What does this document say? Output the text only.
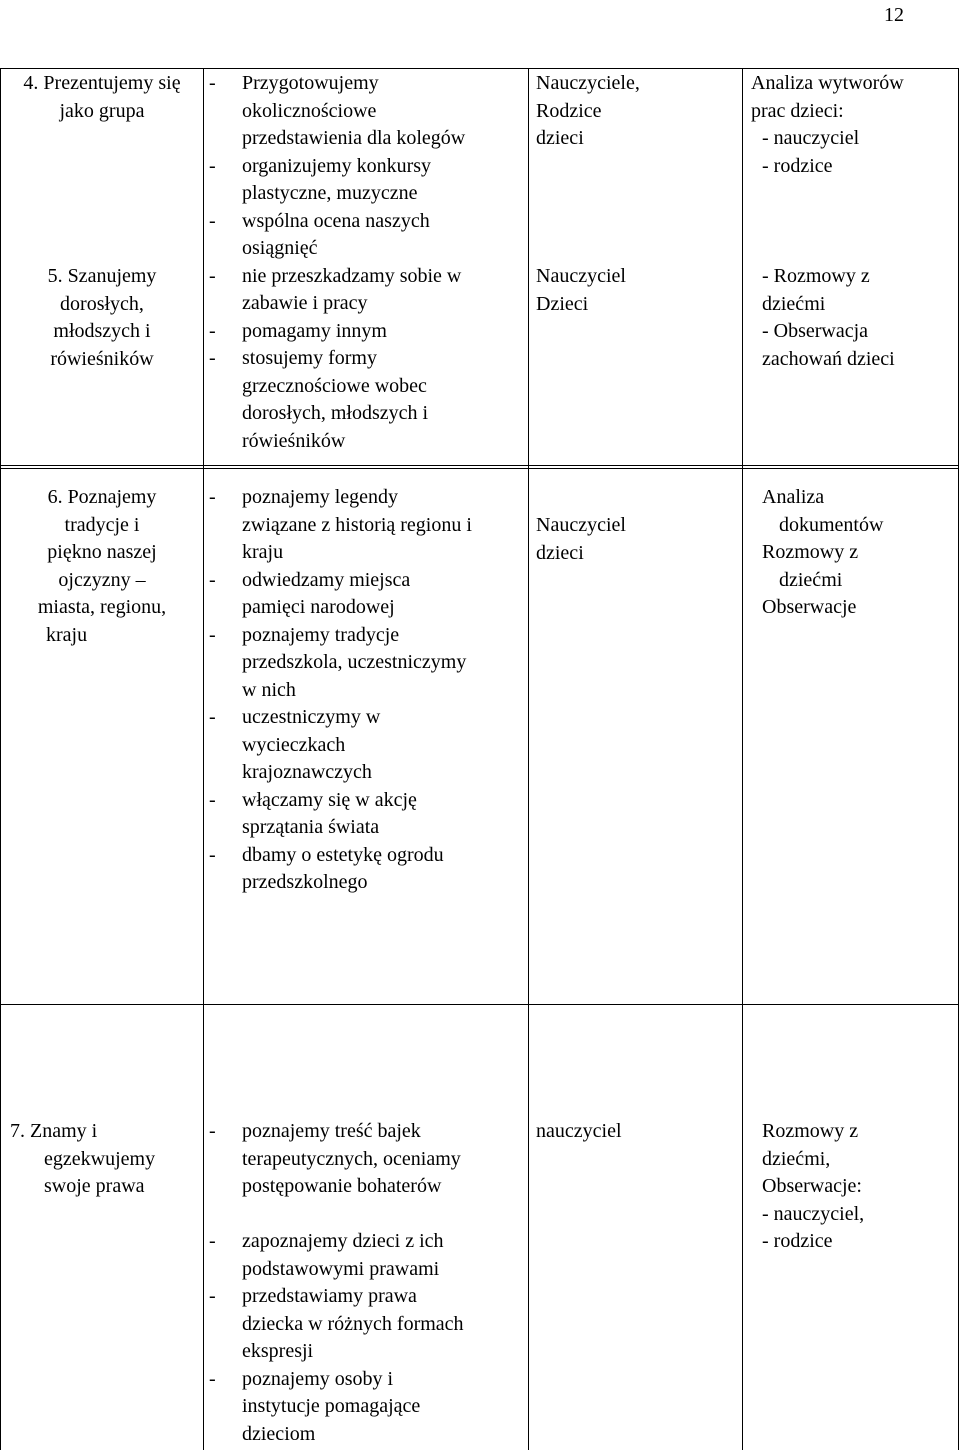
12
4. Prezentujemy się
jako grupa
5. Szanujemy
dorosłych,
młodszych i
rówieśników
- Przygotowujemy
okolicznościowe
przedstawienia dla kolegów
- organizujemy konkursy
plastyczne, muzyczne
- wspólna ocena naszych
osiągnięć
- nie przeszkadzamy sobie w
zabawie i pracy
- pomagamy innym
- stosujemy formy
grzecznościowe wobec
dorosłych, młodszych i
rówieśników
Nauczyciele,
Rodzice
dzieci
Nauczyciel
Dzieci
Analiza wytworów
prac dzieci:
- nauczyciel
- rodzice
- Rozmowy z
dziećmi
- Obserwacja
zachowań dzieci
6. Poznajemy
tradycje i
piękno naszej
ojczyzny –
miasta, regionu,
kraju
- poznajemy legendy
związane z historią regionu i
kraju
- odwiedzamy miejsca
pamięci narodowej
- poznajemy tradycje
przedszkola, uczestniczymy
w nich
- uczestniczymy w
wycieczkach
krajoznawczych
- włączamy się w akcję
sprzątania świata
- dbamy o estetykę ogrodu
przedszkolnego
Nauczyciel
dzieci
Analiza
dokumentów
Rozmowy z
dziećmi
Obserwacje
7. Znamy i
egzekwujemy
swoje prawa
- poznajemy treść bajek
terapeutycznych, oceniamy
postępowanie bohaterów
- zapoznajemy dzieci z ich
podstawowymi prawami
- przedstawiamy prawa
dziecka w różnych formach
ekspresji
- poznajemy osoby i
instytucje pomagające
dzieciom
nauczyciel	Rozmowy z
dziećmi,
Obserwacje:
- nauczyciel,
- rodzice
